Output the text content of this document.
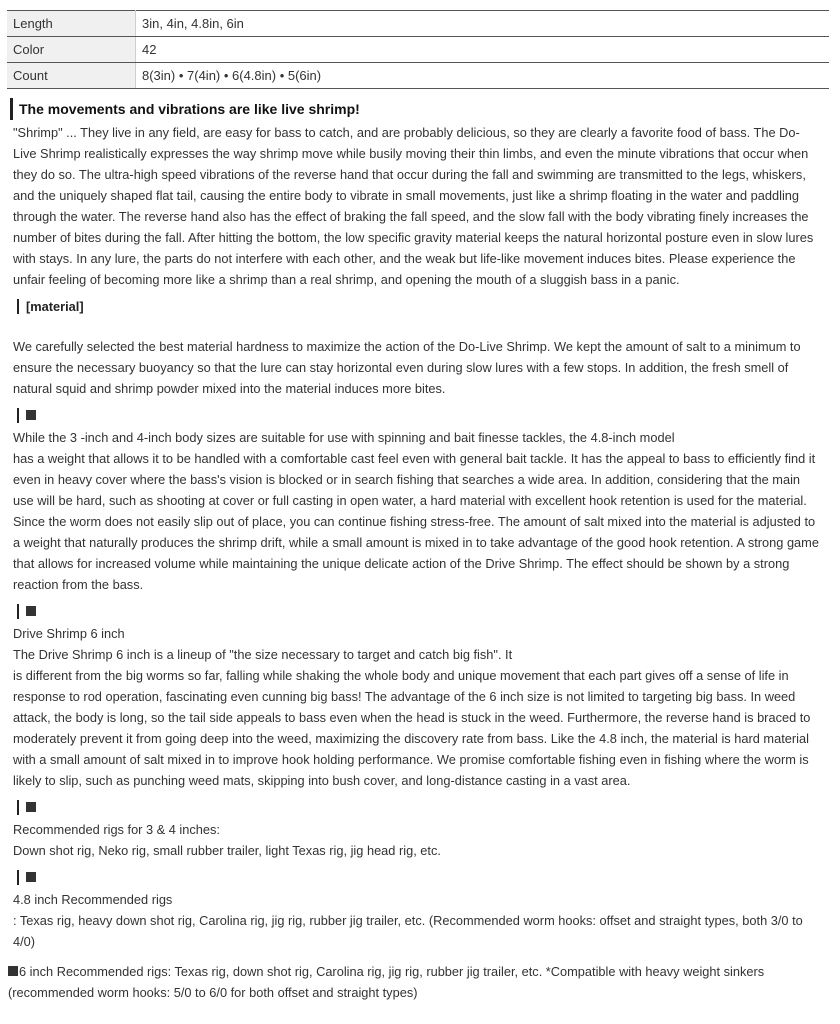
Length	3in, 4in, 4.8in, 6in
Color	42
Count	8(3in) • 7(4in) • 6(4.8in) • 5(6in)
The movements and vibrations are like live shrimp!

"Shrimp" ... They live in any field, are easy for bass to catch, and are probably delicious, so they are clearly a favorite food of bass. The Do-Live Shrimp realistically expresses the way shrimp move while busily moving their thin limbs, and even the minute vibrations that occur when they do so. The ultra-high speed vibrations of the reverse hand that occur during the fall and swimming are transmitted to the legs, whiskers, and the uniquely shaped flat tail, causing the entire body to vibrate in small movements, just like a shrimp floating in the water and paddling through the water. The reverse hand also has the effect of braking the fall speed, and the slow fall with the body vibrating finely increases the number of bites during the fall. After hitting the bottom, the low specific gravity material keeps the natural horizontal posture even in slow lures with stays. In any lure, the parts do not interfere with each other, and the weak but life-like movement induces bites. Please experience the unfair feeling of becoming more like a shrimp than a real shrimp, and opening the mouth of a sluggish bass in a panic.

[material]

We carefully selected the best material hardness to maximize the action of the Do-Live Shrimp. We kept the amount of salt to a minimum to ensure the necessary buoyancy so that the lure can stay horizontal even during slow lures with a few stops. In addition, the fresh smell of natural squid and shrimp powder mixed into the material induces more bites.

While the 3 -inch and 4-inch body sizes are suitable for use with spinning and bait finesse tackles, the 4.8-inch model

has a weight that allows it to be handled with a comfortable cast feel even with general bait tackle. It has the appeal to bass to efficiently find it even in heavy cover where the bass's vision is blocked or in search fishing that searches a wide area. In addition, considering that the main use will be hard, such as shooting at cover or full casting in open water, a hard material with excellent hook retention is used for the material. Since the worm does not easily slip out of place, you can continue fishing stress-free. The amount of salt mixed into the material is adjusted to a weight that naturally produces the shrimp drift, while a small amount is mixed in to take advantage of the good hook retention. A strong game that allows for increased volume while maintaining the unique delicate action of the Drive Shrimp. The effect should be shown by a strong reaction from the bass.

Drive Shrimp 6 inch

The Drive Shrimp 6 inch is a lineup of "the size necessary to target and catch big fish". It

is different from the big worms so far, falling while shaking the whole body and unique movement that each part gives off a sense of life in response to rod operation, fascinating even cunning big bass! The advantage of the 6 inch size is not limited to targeting big bass. In weed attack, the body is long, so the tail side appeals to bass even when the head is stuck in the weed. Furthermore, the reverse hand is braced to moderately prevent it from going deep into the weed, maximizing the discovery rate from bass. Like the 4.8 inch, the material is hard material with a small amount of salt mixed in to improve hook holding performance. We promise comfortable fishing even in fishing where the worm is likely to slip, such as punching weed mats, skipping into bush cover, and long-distance casting in a vast area.

Recommended rigs for 3 & 4 inches:

Down shot rig, Neko rig, small rubber trailer, light Texas rig, jig head rig, etc.

4.8 inch Recommended rigs

: Texas rig, heavy down shot rig, Carolina rig, jig rig, rubber jig trailer, etc. (Recommended worm hooks: offset and straight types, both 3/0 to 4/0)

6 inch Recommended rigs: Texas rig, down shot rig, Carolina rig, jig rig, rubber jig trailer, etc. *Compatible with heavy weight sinkers (recommended worm hooks: 5/0 to 6/0 for both offset and straight types)
